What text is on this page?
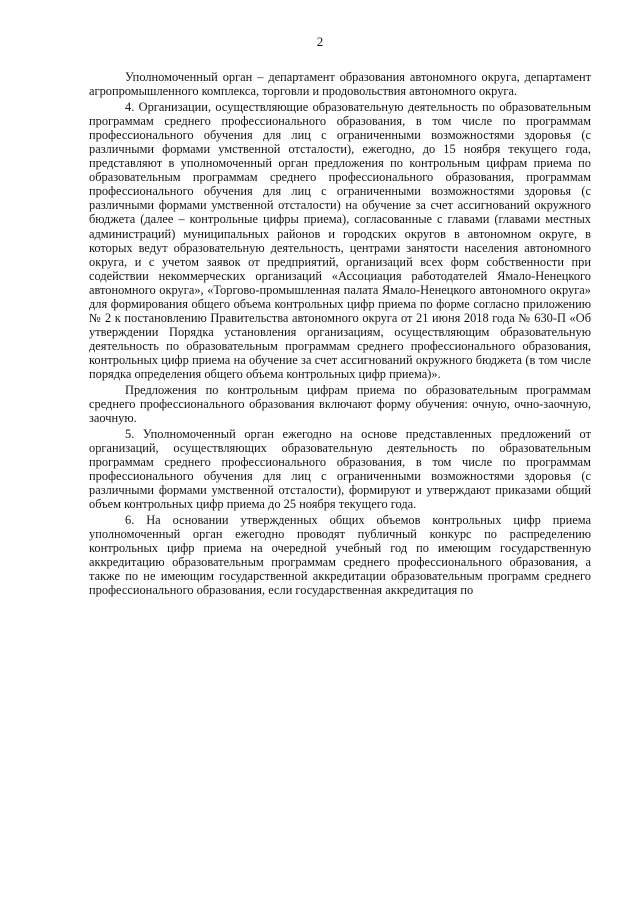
2

Уполномоченный орган – департамент образования автономного округа, департамент агропромышленного комплекса, торговли и продовольствия автономного округа.

4. Организации, осуществляющие образовательную деятельность по образовательным программам среднего профессионального образования, в том числе по программам профессионального обучения для лиц с ограниченными возможностями здоровья (с различными формами умственной отсталости), ежегодно, до 15 ноября текущего года, представляют в уполномоченный орган предложения по контрольным цифрам приема по образовательным программам среднего профессионального образования, программам профессионального обучения для лиц с ограниченными возможностями здоровья (с различными формами умственной отсталости) на обучение за счет ассигнований окружного бюджета (далее – контрольные цифры приема), согласованные с главами (главами местных администраций) муниципальных районов и городских округов в автономном округе, в которых ведут образовательную деятельность, центрами занятости населения автономного округа, и с учетом заявок от предприятий, организаций всех форм собственности при содействии некоммерческих организаций «Ассоциация работодателей Ямало-Ненецкого автономного округа», «Торгово-промышленная палата Ямало-Ненецкого автономного округа» для формирования общего объема контрольных цифр приема по форме согласно приложению № 2 к постановлению Правительства автономного округа от 21 июня 2018 года № 630-П «Об утверждении Порядка установления организациям, осуществляющим образовательную деятельность по образовательным программам среднего профессионального образования, контрольных цифр приема на обучение за счет ассигнований окружного бюджета (в том числе порядка определения общего объема контрольных цифр приема)».

Предложения по контрольным цифрам приема по образовательным программам среднего профессионального образования включают форму обучения: очную, очно-заочную, заочную.

5. Уполномоченный орган ежегодно на основе представленных предложений от организаций, осуществляющих образовательную деятельность по образовательным программам среднего профессионального образования, в том числе по программам профессионального обучения для лиц с ограниченными возможностями здоровья (с различными формами умственной отсталости), формируют и утверждают приказами общий объем контрольных цифр приема до 25 ноября текущего года.

6. На основании утвержденных общих объемов контрольных цифр приема уполномоченный орган ежегодно проводят публичный конкурс по распределению контрольных цифр приема на очередной учебный год по имеющим государственную аккредитацию образовательным программам среднего профессионального образования, а также по не имеющим государственной аккредитации образовательным программ среднего профессионального образования, если государственная аккредитация по
